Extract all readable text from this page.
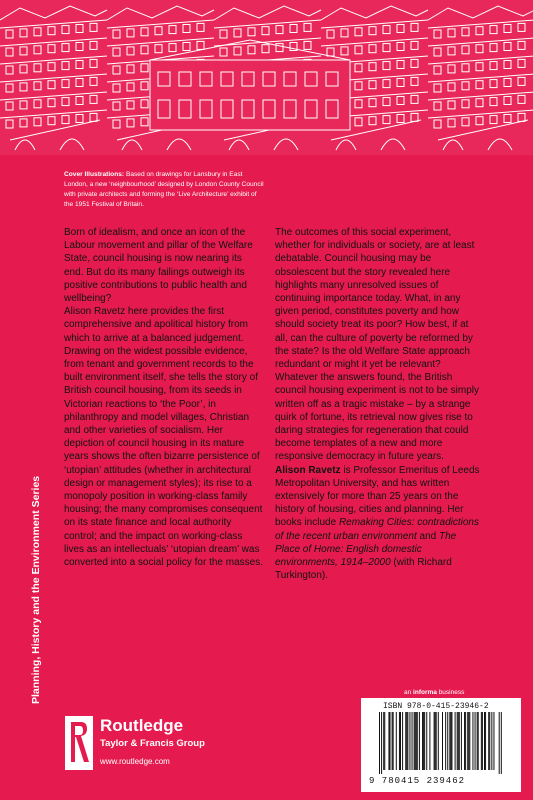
Cover Illustrations: Based on drawings for Lansbury in East London, a new ‘neighbourhood’ designed by London County Council with private architects and forming the ‘Live Architecture’ exhibit of the 1951 Festival of Britain.
Planning, History and the Environment Series

Born of idealism, and once an icon of the Labour movement and pillar of the Welfare State, council housing is now nearing its end. But do its many failings outweigh its positive contributions to public health and wellbeing?

Alison Ravetz here provides the first comprehensive and apolitical history from which to arrive at a balanced judgement. Drawing on the widest possible evidence, from tenant and government records to the built environment itself, she tells the story of British council housing, from its seeds in Victorian reactions to ‘the Poor’, in philanthropy and model villages, Christian and other varieties of socialism. Her depiction of council housing in its mature years shows the often bizarre persistence of ‘utopian’ attitudes (whether in architectural design or management styles); its rise to a monopoly position in working-class family housing; the many compromises consequent on its state finance and local authority control; and the impact on working-class lives as an intellectuals’ ‘utopian dream’ was converted into a social policy for the masses.

The outcomes of this social experiment, whether for individuals or society, are at least debatable. Council housing may be obsolescent but the story revealed here highlights many unresolved issues of continuing importance today. What, in any given period, constitutes poverty and how should society treat its poor? How best, if at all, can the culture of poverty be reformed by the state? Is the old Welfare State approach redundant or might it yet be relevant?

Whatever the answers found, the British council housing experiment is not to be simply written off as a tragic mistake – by a strange quirk of fortune, its retrieval now gives rise to daring strategies for regeneration that could become templates of a new and more responsive democracy in future years.

Alison Ravetz is Professor Emeritus of Leeds Metropolitan University, and has written extensively for more than 25 years on the history of housing, cities and planning. Her books include Remaking Cities: contradictions of the recent urban environment and The Place of Home: English domestic environments, 1914–2000 (with Richard Turkington).

Routledge
Taylor & Francis Group
www.routledge.com
an informa business
ISBN 978-0-415-23946-2
9 780415 239462
